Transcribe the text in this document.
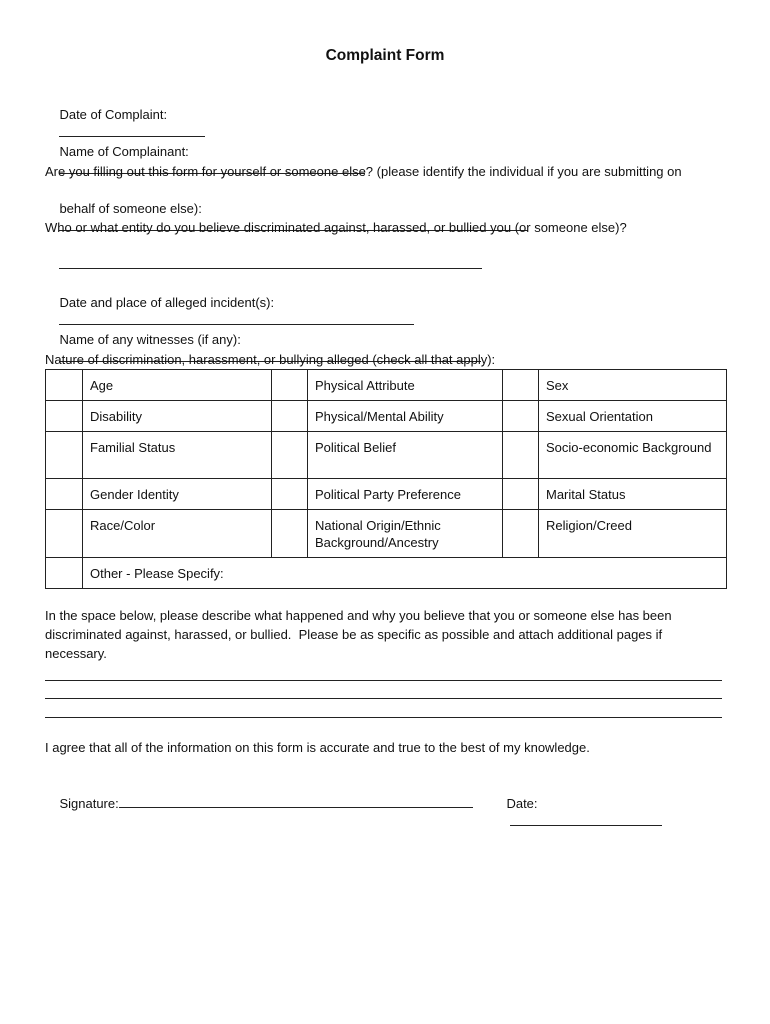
Complaint Form

Date of Complaint:

Name of Complainant:

Are you filling out this form for yourself or someone else? (please identify the individual if you are submitting on

behalf of someone else):

Who or what entity do you believe discriminated against, harassed, or bullied you (or someone else)?

Date and place of alleged incident(s):

Name of any witnesses (if any):

Nature of discrimination, harassment, or bullying alleged (check all that apply):
	Age		Physical Attribute		Sex
	Disability		Physical/Mental Ability		Sexual Orientation
	Familial Status		Political Belief		Socio-economic Background
	Gender Identity		Political Party Preference		Marital Status
	Race/Color		National Origin/Ethnic Background/Ancestry		Religion/Creed
	Other - Please Specify:				
In the space below, please describe what happened and why you believe that you or someone else has been
discriminated against, harassed, or bullied.  Please be as specific as possible and attach additional pages if
necessary.
I agree that all of the information on this form is accurate and true to the best of my knowledge.

Signature:
	Date:
